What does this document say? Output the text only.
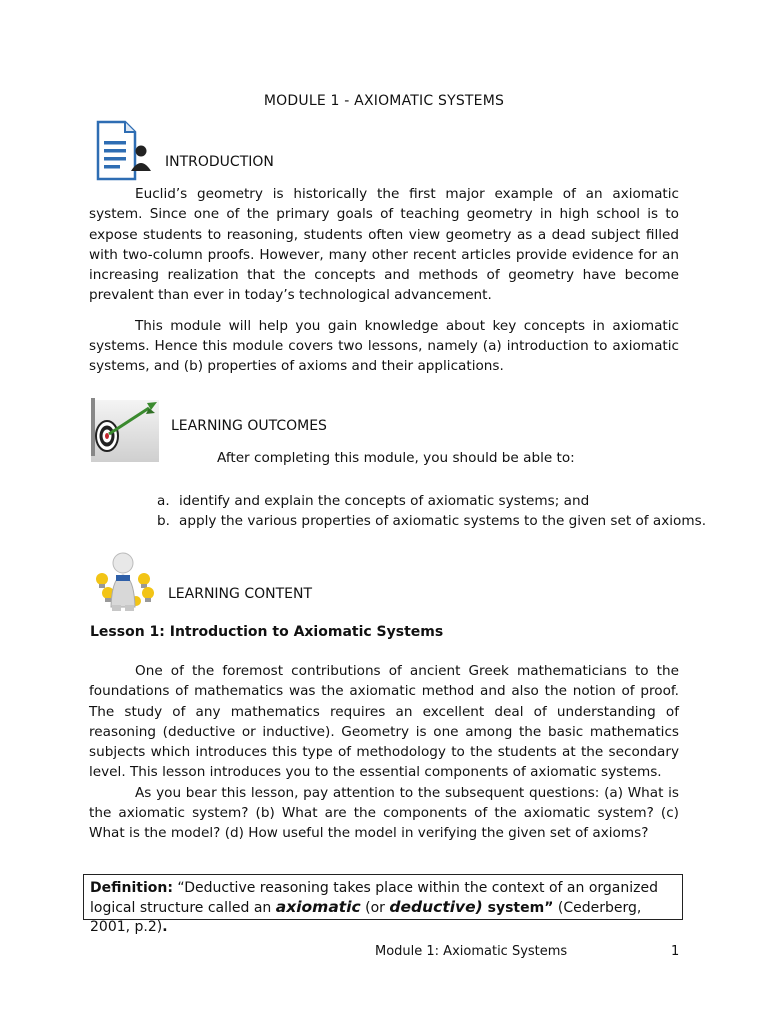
MODULE 1 - AXIOMATIC SYSTEMS
INTRODUCTION

Euclid’s geometry is historically the first major example of an axiomatic system. Since one of the primary goals of teaching geometry in high school is to expose students to reasoning, students often view geometry as a dead subject filled with two-column proofs. However, many other recent articles provide evidence for an increasing realization that the concepts and methods of geometry have become prevalent than ever in today’s technological advancement.

This module will help you gain knowledge about key concepts in axiomatic systems. Hence this module covers two lessons, namely (a) introduction to axiomatic systems, and (b) properties of axioms and their applications.

LEARNING OUTCOMES
After completing this module, you should be able to:
a. identify and explain the concepts of axiomatic systems; and
b. apply the various properties of axiomatic systems to the given set of axioms.
LEARNING CONTENT
Lesson 1: Introduction to Axiomatic Systems

One of the foremost contributions of ancient Greek mathematicians to the foundations of mathematics was the axiomatic method and also the notion of proof. The study of any mathematics requires an excellent deal of understanding of reasoning (deductive or inductive). Geometry is one among the basic mathematics subjects which introduces this type of methodology to the students at the secondary level. This lesson introduces you to the essential components of axiomatic systems.

As you bear this lesson, pay attention to the subsequent questions: (a) What is the axiomatic system? (b) What are the components of the axiomatic system? (c) What is the model? (d) How useful the model in verifying the given set of axioms?

Definition: “Deductive reasoning takes place within the context of an organized logical structure called an axiomatic (or deductive) system” (Cederberg, 2001, p.2).
Module 1: Axiomatic Systems	1
